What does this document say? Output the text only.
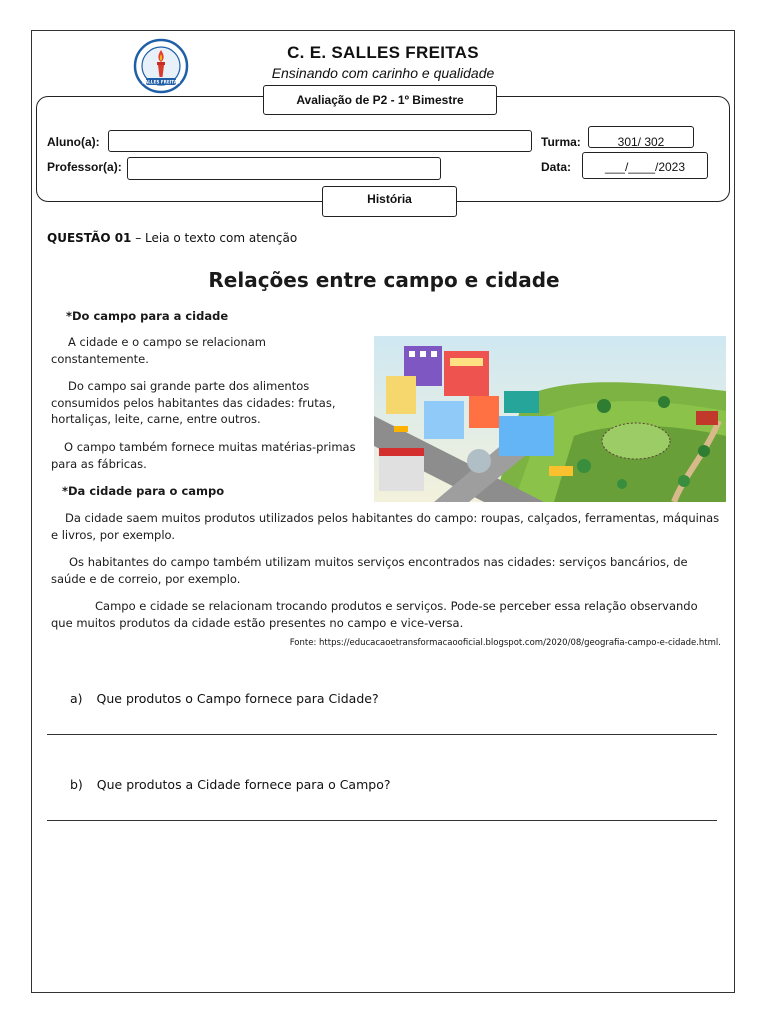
SALLES FREITAS
C. E. SALLES FREITAS
Ensinando com carinho e qualidade
Avaliação de P2 - 1º Bimestre
Aluno(a):	Turma:	301/ 302
Professor(a):	Data:	___/____/2023
História
QUESTÃO 01 – Leia o texto com atenção
Relações entre campo e cidade
*Do campo para a cidade
A cidade e o campo se relacionam constantemente.
Do campo sai grande parte dos alimentos consumidos pelos habitantes das cidades: frutas, hortaliças, leite, carne, entre outros.
O campo também fornece muitas matérias-primas para as fábricas.
*Da cidade para o campo
Da cidade saem muitos produtos utilizados pelos habitantes do campo: roupas, calçados, ferramentas, máquinas e livros, por exemplo.
Os habitantes do campo também utilizam muitos serviços encontrados nas cidades: serviços bancários, de saúde e de correio, por exemplo.
Campo e cidade se relacionam trocando produtos e serviços. Pode-se perceber essa relação observando que muitos produtos da cidade estão presentes no campo e vice-versa.
Fonte: https://educacaoetransformacaooficial.blogspot.com/2020/08/geografia-campo-e-cidade.html.
a) Que produtos o Campo fornece para Cidade?
b) Que produtos a Cidade fornece para o Campo?
